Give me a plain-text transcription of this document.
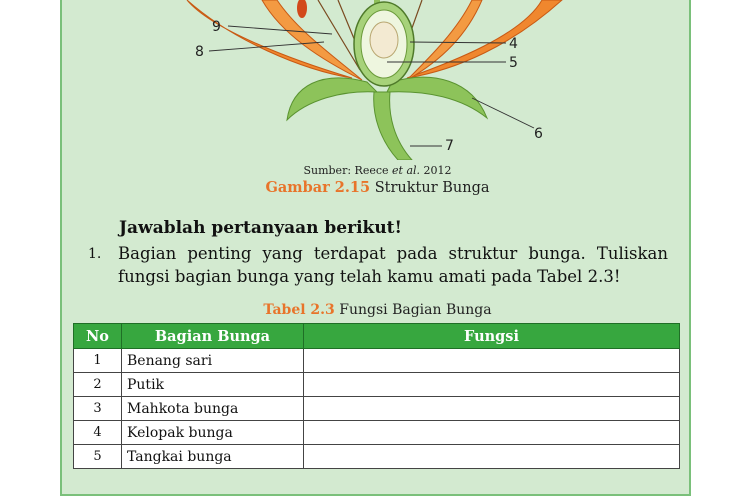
9
8	4
5
6
7
Sumber: Reece et al. 2012
Gambar 2.15 Struktur Bunga
Jawablah pertanyaan berikut!
1. Bagian penting yang terdapat pada struktur bunga. Tuliskan fungsi bagian bunga yang telah kamu amati pada Tabel 2.3!
Tabel 2.3 Fungsi Bagian Bunga
No	Bagian Bunga	Fungsi
1	Benang sari	
2	Putik	
3	Mahkota bunga	
4	Kelopak bunga	
5	Tangkai bunga	
